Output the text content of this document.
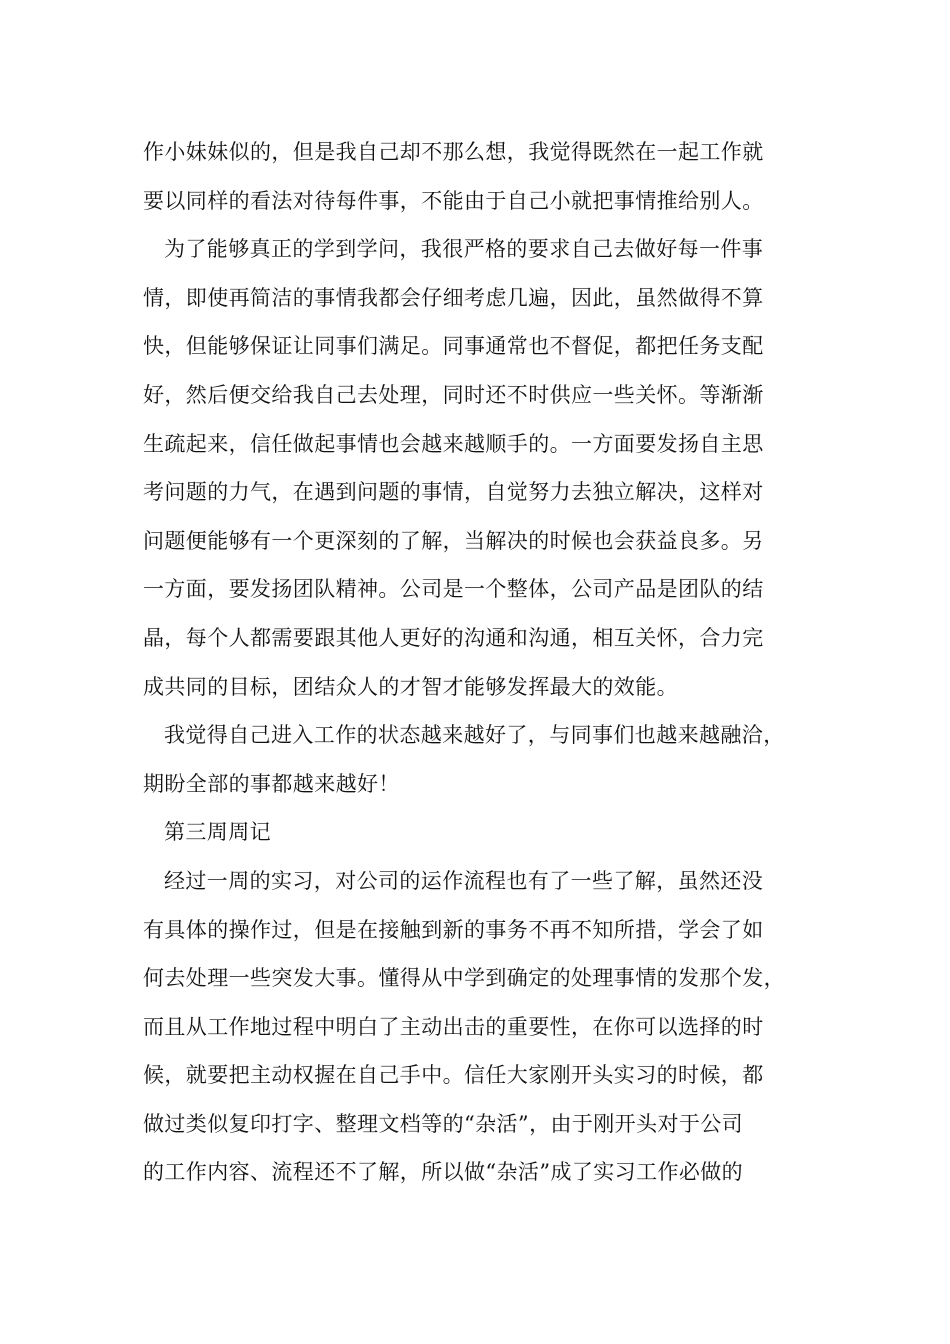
作小妹妹似的，但是我自己却不那么想，我觉得既然在一起工作就
要以同样的看法对待每件事，不能由于自己小就把事情推给别人。
为了能够真正的学到学问，我很严格的要求自己去做好每一件事
情，即使再简洁的事情我都会仔细考虑几遍，因此，虽然做得不算
快，但能够保证让同事们满足。同事通常也不督促，都把任务支配
好，然后便交给我自己去处理，同时还不时供应一些关怀。等渐渐
生疏起来，信任做起事情也会越来越顺手的。一方面要发扬自主思
考问题的力气，在遇到问题的事情，自觉努力去独立解决，这样对
问题便能够有一个更深刻的了解，当解决的时候也会获益良多。另
一方面，要发扬团队精神。公司是一个整体，公司产品是团队的结
晶，每个人都需要跟其他人更好的沟通和沟通，相互关怀，合力完
成共同的目标，团结众人的才智才能够发挥最大的效能。
我觉得自己进入工作的状态越来越好了，与同事们也越来越融洽，
期盼全部的事都越来越好！
第三周周记
经过一周的实习，对公司的运作流程也有了一些了解，虽然还没
有具体的操作过，但是在接触到新的事务不再不知所措，学会了如
何去处理一些突发大事。懂得从中学到确定的处理事情的发那个发，
而且从工作地过程中明白了主动出击的重要性，在你可以选择的时
候，就要把主动权握在自己手中。信任大家刚开头实习的时候，都
做过类似复印打字、整理文档等的“杂活”，由于刚开头对于公司
的工作内容、流程还不了解，所以做“杂活”成了实习工作必做的
